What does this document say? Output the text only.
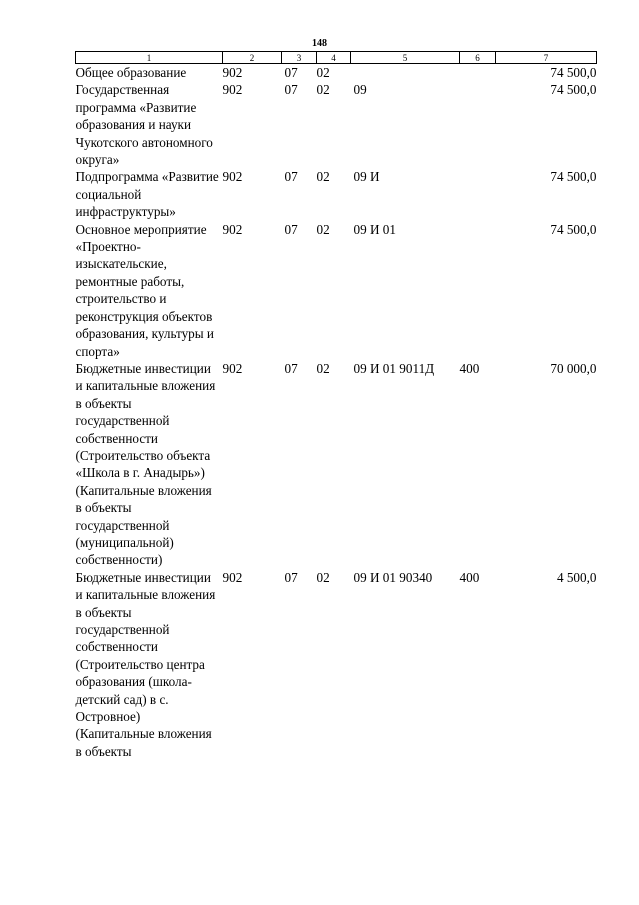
148
1	2	3	4	5	6	7
Общее образование	902	07	02			74 500,0
Государственная программа «Развитие образования и науки Чукотского автономного округа»	902	07	02	09		74 500,0
Подпрограмма «Развитие социальной инфраструктуры»	902	07	02	09 И		74 500,0
Основное мероприятие «Проектно-изыскательские, ремонтные работы, строительство и реконструкция объектов образования, культуры и спорта»	902	07	02	09 И 01		74 500,0
Бюджетные инвестиции и капитальные вложения в объекты государственной собственности (Строительство объекта «Школа в г. Анадырь») (Капитальные вложения в объекты государственной (муниципальной) собственности)	902	07	02	09 И 01 9011Д	400	70 000,0
Бюджетные инвестиции и капитальные вложения в объекты государственной собственности (Строительство центра образования (школа-детский сад) в с. Островное) (Капитальные вложения в объекты	902	07	02	09 И 01 90340	400	4 500,0
